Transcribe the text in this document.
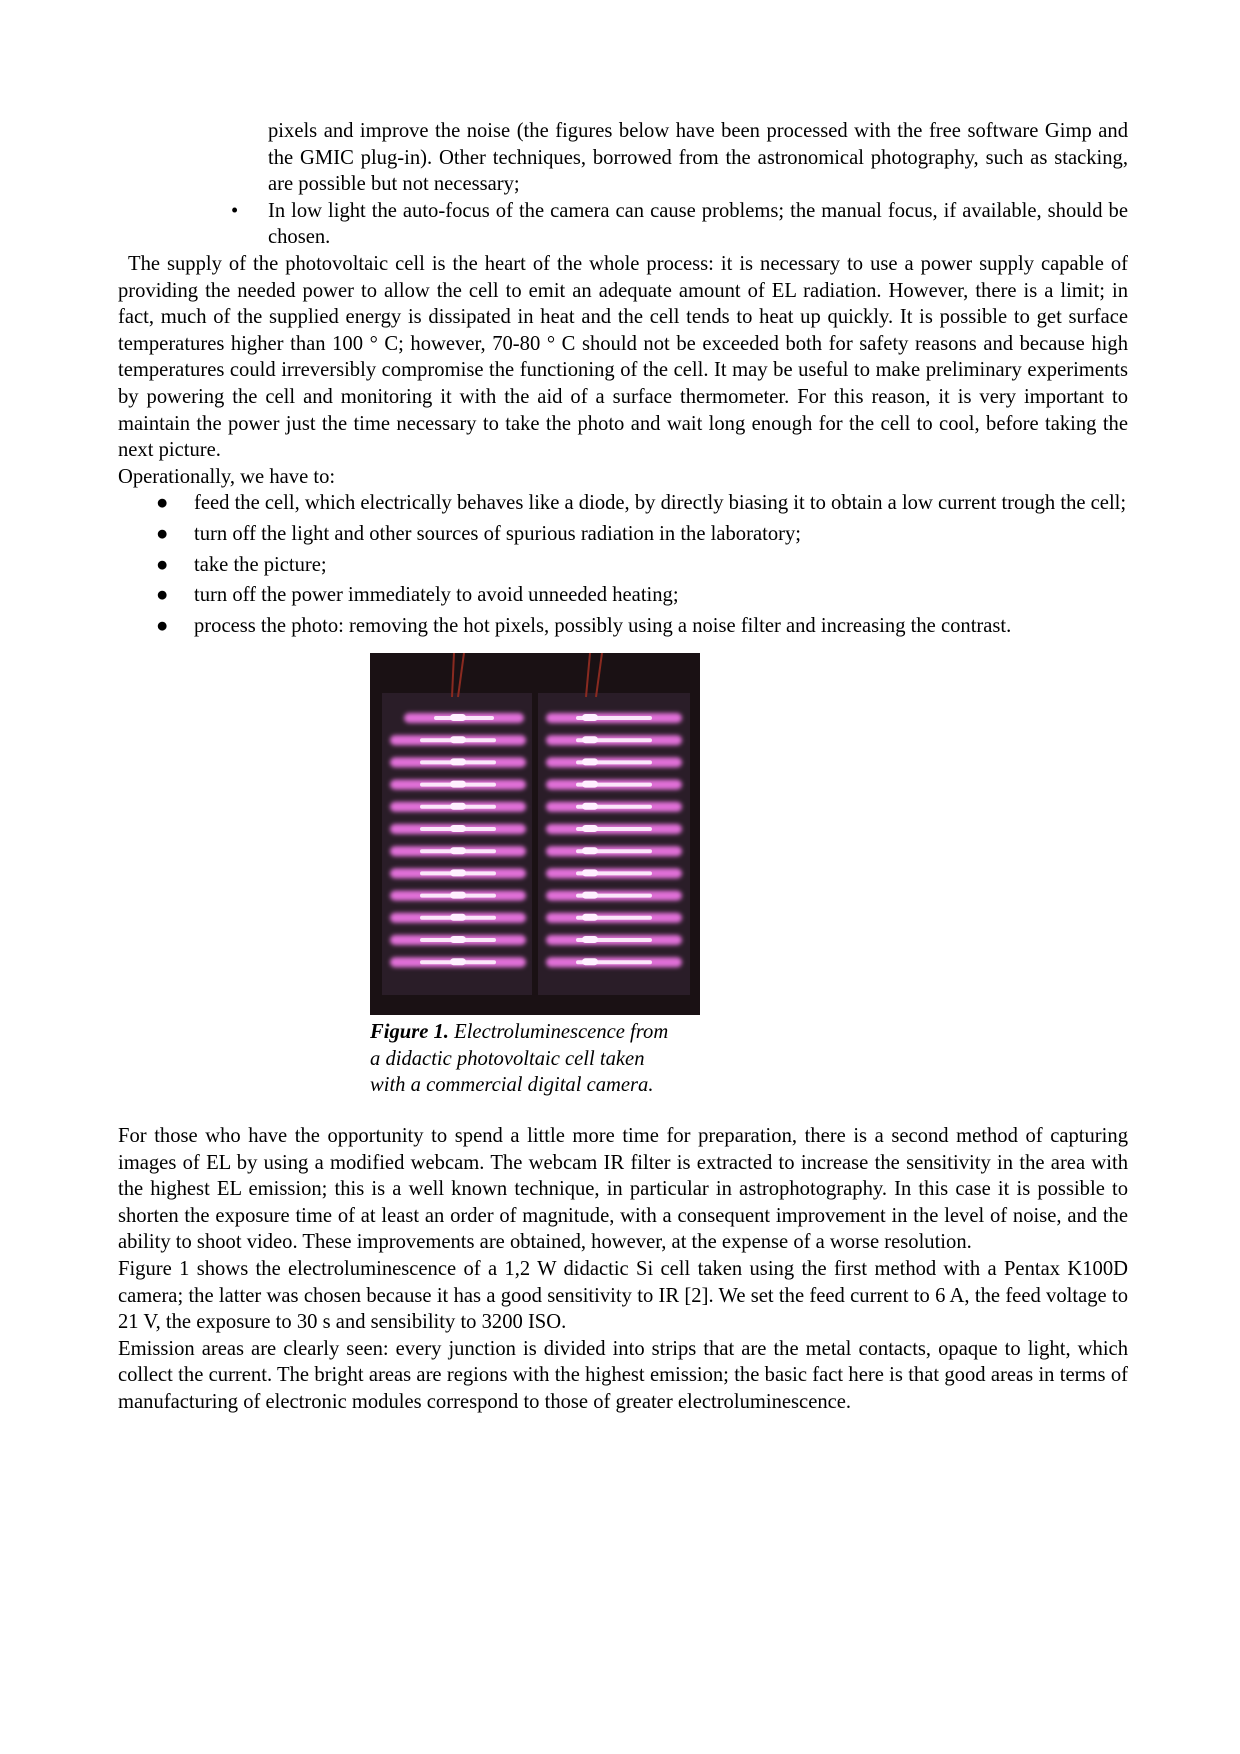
pixels and improve the noise (the figures below have been processed with the free software Gimp and the GMIC plug-in). Other techniques, borrowed from the astronomical photography, such as stacking, are possible but not necessary;
• In low light the auto-focus of the camera can cause problems; the manual focus, if available, should be chosen.

The supply of the photovoltaic cell is the heart of the whole process: it is necessary to use a power supply capable of providing the needed power to allow the cell to emit an adequate amount of EL radiation. However, there is a limit; in fact, much of the supplied energy is dissipated in heat and the cell tends to heat up quickly. It is possible to get surface temperatures higher than 100 ° C; however, 70-80 ° C should not be exceeded both for safety reasons and because high temperatures could irreversibly compromise the functioning of the cell. It may be useful to make preliminary experiments by powering the cell and monitoring it with the aid of a surface thermometer. For this reason, it is very important to maintain the power just the time necessary to take the photo and wait long enough for the cell to cool, before taking the next picture.

Operationally, we have to:

● feed the cell, which electrically behaves like a diode, by directly biasing it to obtain a low current trough the cell;
● turn off the light and other sources of spurious radiation in the laboratory;
● take the picture;
● turn off the power immediately to avoid unneeded heating;
● process the photo: removing the hot pixels, possibly using a noise filter and increasing the contrast.
Figure 1. Electroluminescence from
a didactic photovoltaic cell taken
with a commercial digital camera.

For those who have the opportunity to spend a little more time for preparation, there is a second method of capturing images of EL by using a modified webcam. The webcam IR filter is extracted to increase the sensitivity in the area with the highest EL emission; this is a well known technique, in particular in astrophotography. In this case it is possible to shorten the exposure time of at least an order of magnitude, with a consequent improvement in the level of noise, and the ability to shoot video. These improvements are obtained, however, at the expense of a worse resolution.

Figure 1 shows the electroluminescence of a 1,2 W didactic Si cell taken using the first method with a Pentax K100D camera; the latter was chosen because it has a good sensitivity to IR [2]. We set the feed current to 6 A, the feed voltage to 21 V, the exposure to 30 s and sensibility to 3200 ISO.

Emission areas are clearly seen: every junction is divided into strips that are the metal contacts, opaque to light, which collect the current. The bright areas are regions with the highest emission; the basic fact here is that good areas in terms of manufacturing of electronic modules correspond to those of greater electroluminescence.
